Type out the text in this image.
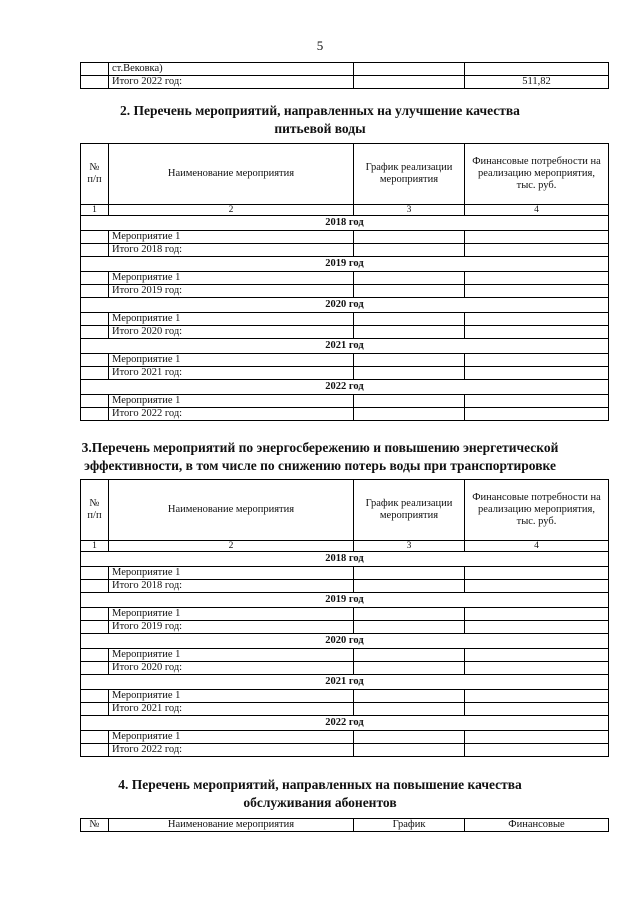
5
	ст.Вековка)		
	Итого 2022 год:		511,82
2. Перечень мероприятий, направленных на улучшение качества
питьевой воды
№ п/п	Наименование мероприятия	График реализации мероприятия	Финансовые потребности на реализацию мероприятия, тыс. руб.
1	2	3	4
2018 год			
	Мероприятие 1		
	Итого 2018 год:		
2019 год			
	Мероприятие 1		
	Итого 2019 год:		
2020 год			
	Мероприятие 1		
	Итого 2020 год:		
2021 год			
	Мероприятие 1		
	Итого 2021 год:		
2022 год			
	Мероприятие 1		
	Итого 2022 год:		
3.Перечень мероприятий по энергосбережению и повышению энергетической
эффективности, в том числе по снижению потерь воды при транспортировке
№ п/п	Наименование мероприятия	График реализации мероприятия	Финансовые потребности на реализацию мероприятия, тыс. руб.
1	2	3	4
2018 год			
	Мероприятие 1		
	Итого 2018 год:		
2019 год			
	Мероприятие 1		
	Итого 2019 год:		
2020 год			
	Мероприятие 1		
	Итого 2020 год:		
2021 год			
	Мероприятие 1		
	Итого 2021 год:		
2022 год			
	Мероприятие 1		
	Итого 2022 год:		
4. Перечень мероприятий, направленных на повышение качества
обслуживания абонентов
№	Наименование мероприятия	График	Финансовые
